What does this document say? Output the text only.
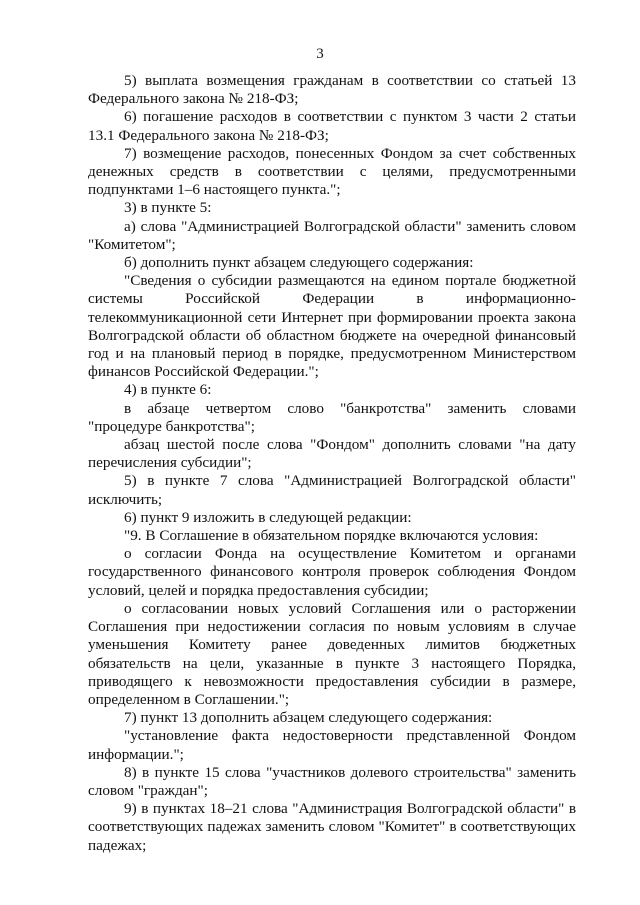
3

5) выплата возмещения гражданам в соответствии со статьей 13 Федерального закона № 218-ФЗ;

6) погашение расходов в соответствии с пунктом 3 части 2 статьи 13.1 Федерального закона № 218-ФЗ;

7) возмещение расходов, понесенных Фондом за счет собственных денежных средств в соответствии с целями, предусмотренными подпунктами 1–6 настоящего пункта.";

3) в пункте 5:

а) слова "Администрацией Волгоградской области" заменить словом "Комитетом";

б) дополнить пункт абзацем следующего содержания:

"Сведения о субсидии размещаются на едином портале бюджетной системы Российской Федерации в информационно-телекоммуникационной сети Интернет при формировании проекта закона Волгоградской области об областном бюджете на очередной финансовый год и на плановый период в порядке, предусмотренном Министерством финансов Российской Федерации.";

4) в пункте 6:

в абзаце четвертом слово "банкротства" заменить словами "процедуре банкротства";

абзац шестой после слова "Фондом" дополнить словами "на дату перечисления субсидии";

5) в пункте 7 слова "Администрацией Волгоградской области" исключить;

6) пункт 9 изложить в следующей редакции:

"9. В Соглашение в обязательном порядке включаются условия:

о согласии Фонда на осуществление Комитетом и органами государственного финансового контроля проверок соблюдения Фондом условий, целей и порядка предоставления субсидии;

о согласовании новых условий Соглашения или о расторжении Соглашения при недостижении согласия по новым условиям в случае уменьшения Комитету ранее доведенных лимитов бюджетных обязательств на цели, указанные в пункте 3 настоящего Порядка, приводящего к невозможности предоставления субсидии в размере, определенном в Соглашении.";

7) пункт 13 дополнить абзацем следующего содержания:

"установление факта недостоверности представленной Фондом информации.";

8) в пункте 15 слова "участников долевого строительства" заменить словом "граждан";

9) в пунктах 18–21 слова "Администрация Волгоградской области" в соответствующих падежах заменить словом "Комитет" в соответствующих падежах;
